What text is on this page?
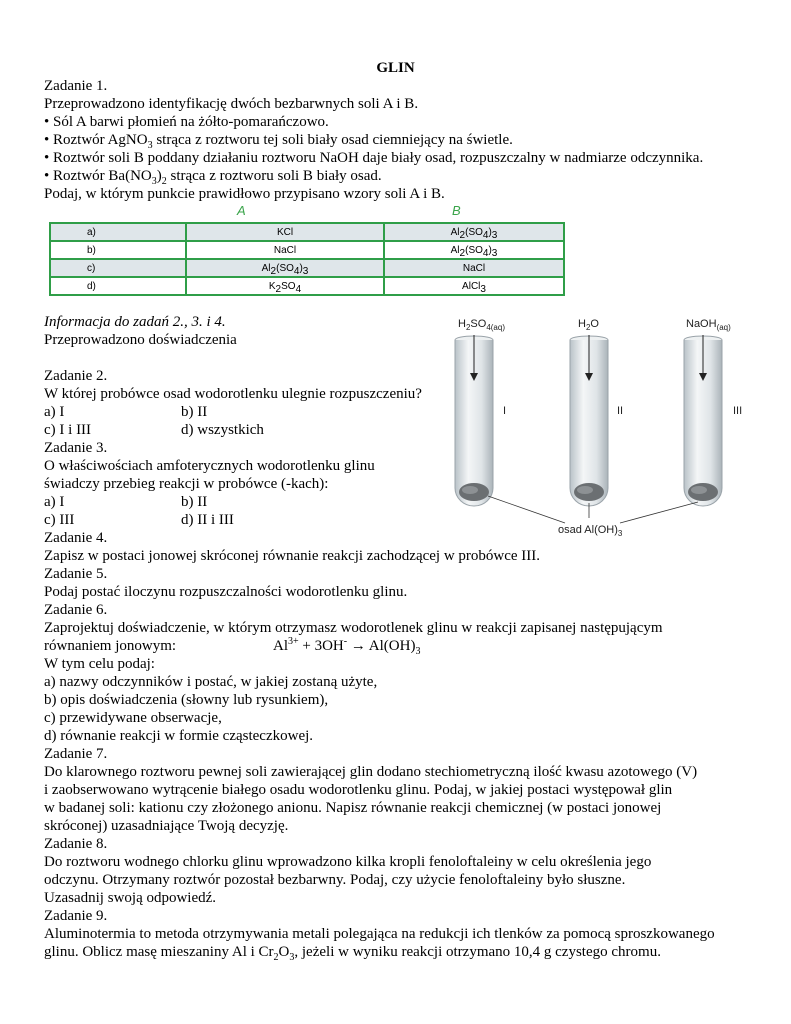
GLIN
Zadanie 1.
Przeprowadzono identyfikację dwóch bezbarwnych soli A i B.
• Sól A barwi płomień na żółto-pomarańczowo.
• Roztwór AgNO$_3$ strąca z roztworu tej soli biały osad ciemniejący na świetle.
• Roztwór soli B poddany działaniu roztworu NaOH daje biały osad, rozpuszczalny w nadmiarze odczynnika.
• Roztwór $Ba(NO_3)_2$ strąca z roztworu soli B biały osad.
Podaj, w którym punkcie prawidłowo przypisano wzory soli A i B.
A	B
a)	KCl	$Al_2(SO_4)_3$
b)	NaCl	$Al_2(SO_4)_3$
c)	$Al_2(SO_4)_3$	NaCl
d)	$K_2SO_4$	AlCl$_3$
Informacja do zadań 2., 3. i 4.
Przeprowadzono doświadczenia
Zadanie 2.
W której probówce osad wodorotlenku ulegnie rozpuszczeniu?
a) I	b) II
c) I i III	d) wszystkich
Zadanie 3.
O właściwościach amfoterycznych wodorotlenku glinu
świadczy przebieg reakcji w probówce (-kach):
a) I	b) II
c) III	d) II i III
$H_2SO_{4(aq)}$	$H_2O$	NaOH$_{(aq)}$
I	II	III
osad $Al(OH)_3$
Zadanie 4.
Zapisz w postaci jonowej skróconej równanie reakcji zachodzącej w probówce III.
Zadanie 5.
Podaj postać iloczynu rozpuszczalności wodorotlenku glinu.
Zadanie 6.
Zaprojektuj doświadczenie, w którym otrzymasz wodorotlenek glinu w reakcji zapisanej następującym
równaniem jonowym:	$Al^{3+} + 3OH^- \to Al(OH)_3$
W tym celu podaj:
a) nazwy odczynników i postać, w jakiej zostaną użyte,
b) opis doświadczenia (słowny lub rysunkiem),
c) przewidywane obserwacje,
d) równanie reakcji w formie cząsteczkowej.
Zadanie 7.
Do klarownego roztworu pewnej soli zawierającej glin dodano stechiometryczną ilość kwasu azotowego (V)
i zaobserwowano wytrącenie białego osadu wodorotlenku glinu. Podaj, w jakiej postaci występował glin
w badanej soli: kationu czy złożonego anionu. Napisz równanie reakcji chemicznej (w postaci jonowej
skróconej) uzasadniające Twoją decyzję.
Zadanie 8.
Do roztworu wodnego chlorku glinu wprowadzono kilka kropli fenoloftaleiny w celu określenia jego
odczynu. Otrzymany roztwór pozostał bezbarwny. Podaj, czy użycie fenoloftaleiny było słuszne.
Uzasadnij swoją odpowiedź.
Zadanie 9.
Aluminotermia to metoda otrzymywania metali polegająca na redukcji ich tlenków za pomocą sproszkowanego
glinu. Oblicz masę mieszaniny Al i $Cr_2O_3$, jeżeli w wyniku reakcji otrzymano 10,4 g czystego chromu.
